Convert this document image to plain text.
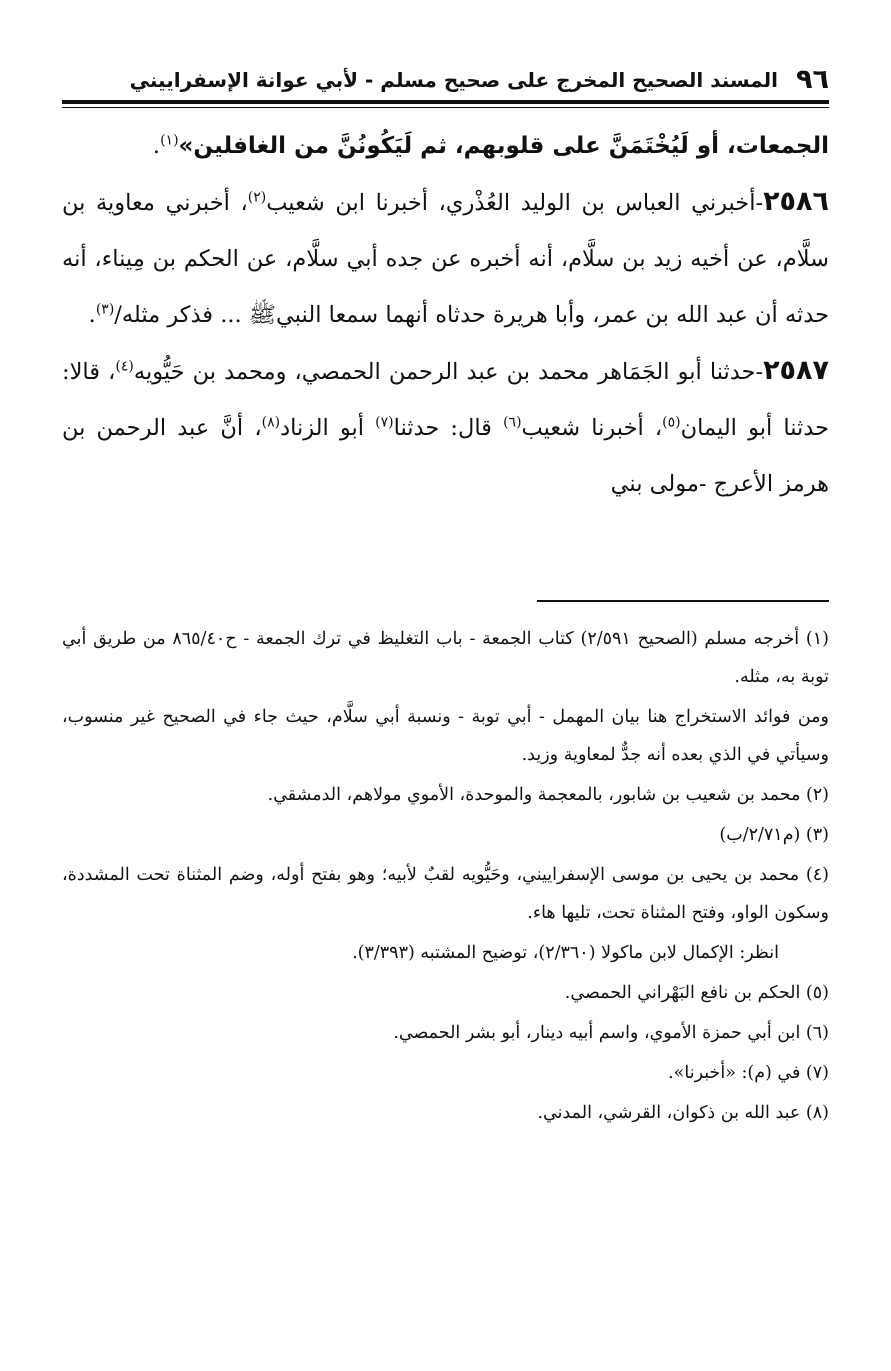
٩٦
المسند الصحيح المخرج على صحيح مسلم - لأبي عوانة الإسفراييني

الجمعات، أو لَيُخْتَمَنَّ على قلوبهم، ثم لَيَكُونُنَّ من الغافلين»$^{(١)}$.

٢٥٨٦-أخبرني العباس بن الوليد العُذْري، أخبرنا ابن شعيب$^{(٢)}$، أخبرني معاوية بن سلَّام، عن أخيه زيد بن سلَّام، أنه أخبره عن جده أبي سلَّام، عن الحكم بن مِيناء، أنه حدثه أن عبد الله بن عمر، وأبا هريرة حدثاه أنهما سمعا النبيﷺ ... فذكر مثله/$^{(٣)}$.

٢٥٨٧-حدثنا أبو الجَمَاهر محمد بن عبد الرحمن الحمصي، ومحمد بن حَيُّويه$^{(٤)}$، قالا: حدثنا أبو اليمان$^{(٥)}$، أخبرنا شعيب$^{(٦)}$ قال: حدثنا$^{(٧)}$ أبو الزناد$^{(٨)}$، أنَّ عبد الرحمن بن هرمز الأعرج -مولى بني

(١) أخرجه مسلم (الصحيح ٢/٥٩١) كتاب الجمعة - باب التغليظ في ترك الجمعة - ح٨٦٥/٤٠ من طريق أبي توبة به، مثله.

ومن فوائد الاستخراج هنا بيان المهمل - أبي توبة - ونسبة أبي سلَّام، حيث جاء في الصحيح غير منسوب، وسيأتي في الذي بعده أنه جدٌّ لمعاوية وزيد.

(٢) محمد بن شعيب بن شابور، بالمعجمة والموحدة، الأموي مولاهم، الدمشقي.

(٣) (م٢/٧١/ب)

(٤) محمد بن يحيى بن موسى الإسفراييني، وحَيُّويه لقبٌ لأبيه؛ وهو بفتح أوله، وضم المثناة تحت المشددة، وسكون الواو، وفتح المثناة تحت، تليها هاء.

انظر: الإكمال لابن ماكولا (٢/٣٦٠)، توضيح المشتبه (٣/٣٩٣).

(٥) الحكم بن نافع البَهْراني الحمصي.

(٦) ابن أبي حمزة الأموي، واسم أبيه دينار، أبو بشر الحمصي.

(٧) في (م): «أخبرنا».

(٨) عبد الله بن ذكوان، القرشي، المدني.
